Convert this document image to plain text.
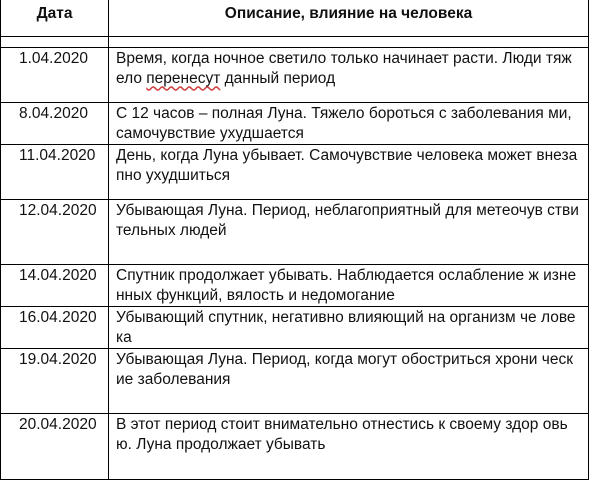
Дата	Описание, влияние на человека

1.04.2020	Время, когда ночное светило только начинает расти. Люди тяжело перенесут данный период
8.04.2020	С 12 часов – полная Луна. Тяжело бороться с заболевания ми, самочувствие ухудшается
11.04.2020	День, когда Луна убывает. Самочувствие человека может внезапно ухудшиться
12.04.2020	Убывающая Луна. Период, неблагоприятный для метеочув ствительных людей
14.04.2020	Спутник продолжает убывать. Наблюдается ослабление ж изненных функций, вялость и недомогание
16.04.2020	Убывающий спутник, негативно влияющий на организм че ловека
19.04.2020	Убывающая Луна. Период, когда могут обостриться хрони ческие заболевания
20.04.2020	В этот период стоит внимательно отнестись к своему здор овью. Луна продолжает убывать
